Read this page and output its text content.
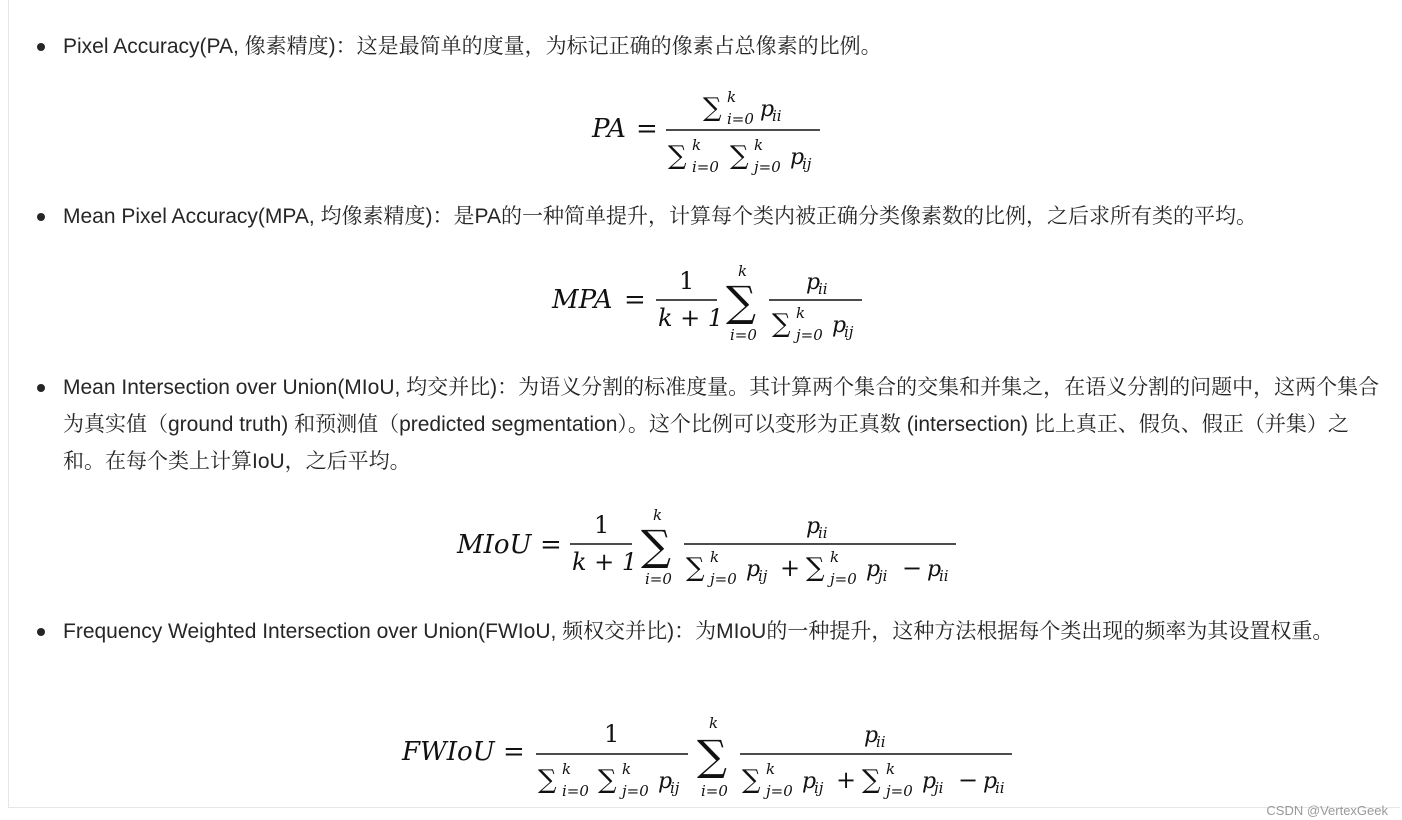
Pixel Accuracy(PA, 像素精度)：这是最简单的度量，为标记正确的像素占总像素的比例。
PA =
∑ k
i=0 p
ii
∑ k
i=0 ∑ k
j=0 p
ij
Mean Pixel Accuracy(MPA, 均像素精度)：是PA的一种简单提升，计算每个类内被正确分类像素数的比例，之后求所有类的平均。
MPA =
1
k + 1
k
∑
i=0
p
ii
∑ k
j=0 p
ij
Mean Intersection over Union(MIoU, 均交并比)：为语义分割的标准度量。其计算两个集合的交集和并集之，在语义分割的问题中，这两个集合为真实值（ground truth) 和预测值（predicted segmentation）。这个比例可以变形为正真数 (intersection) 比上真正、假负、假正（并集）之和。在每个类上计算IoU，之后平均。
MIoU =
1
k + 1
k
∑
i=0
p
ii
∑ k
j=0 p
ij + ∑ k
j=0 p
ji − p
ii
Frequency Weighted Intersection over Union(FWIoU, 频权交并比)：为MIoU的一种提升，这种方法根据每个类出现的频率为其设置权重。
FWIoU =
1
∑ k
i=0 ∑ k
j=0 p
ij
k
∑
i=0
p
ii
∑ k
j=0 p
ij + ∑ k
j=0 p
ji − p
ii
CSDN @VertexGeek
